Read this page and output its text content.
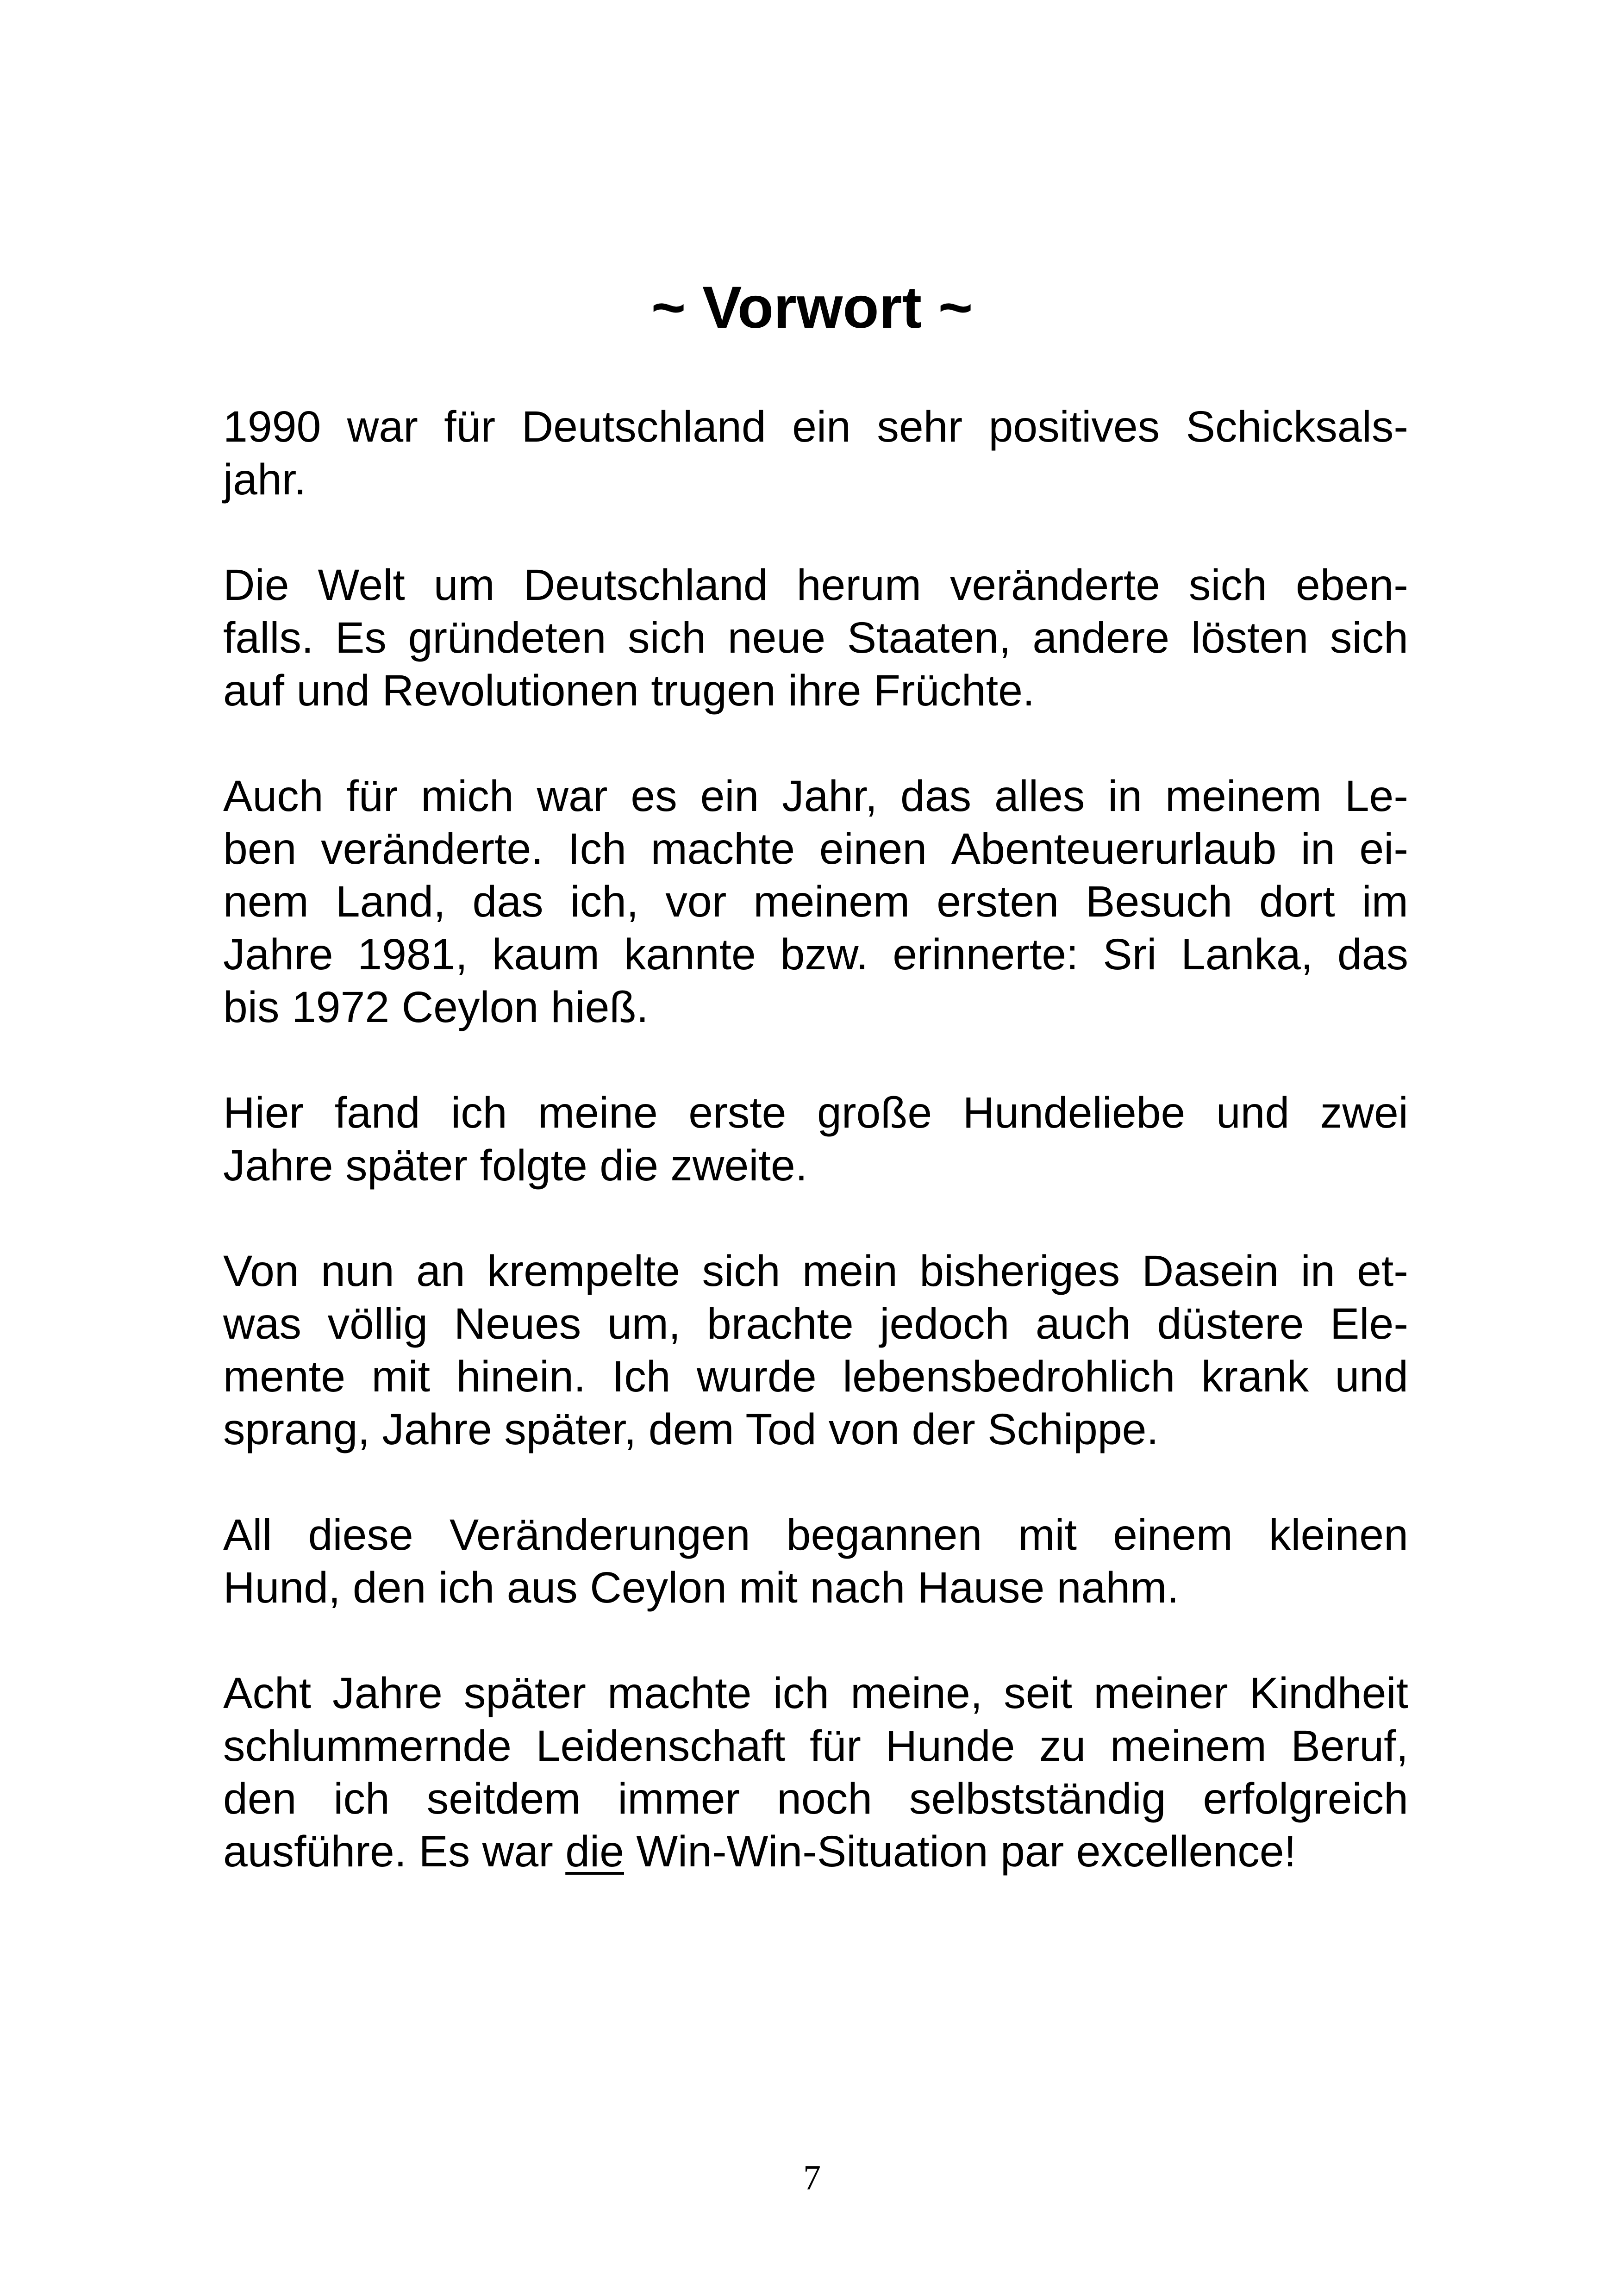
~ Vorwort ~
1990 war für Deutschland ein sehr positives Schicksals-
jahr.
Die Welt um Deutschland herum veränderte sich eben-
falls. Es gründeten sich neue Staaten, andere lösten sich
auf und Revolutionen trugen ihre Früchte.
Auch für mich war es ein Jahr, das alles in meinem Le-
ben veränderte. Ich machte einen Abenteuerurlaub in ei-
nem Land, das ich, vor meinem ersten Besuch dort im
Jahre 1981, kaum kannte bzw. erinnerte: Sri Lanka, das
bis 1972 Ceylon hieß.
Hier fand ich meine erste große Hundeliebe und zwei
Jahre später folgte die zweite.
Von nun an krempelte sich mein bisheriges Dasein in et-
was völlig Neues um, brachte jedoch auch düstere Ele-
mente mit hinein. Ich wurde lebensbedrohlich krank und
sprang, Jahre später, dem Tod von der Schippe.
All diese Veränderungen begannen mit einem kleinen
Hund, den ich aus Ceylon mit nach Hause nahm.
Acht Jahre später machte ich meine, seit meiner Kindheit
schlummernde Leidenschaft für Hunde zu meinem Beruf,
den ich seitdem immer noch selbstständig erfolgreich
ausführe. Es war die Win-Win-Situation par excellence!
7
